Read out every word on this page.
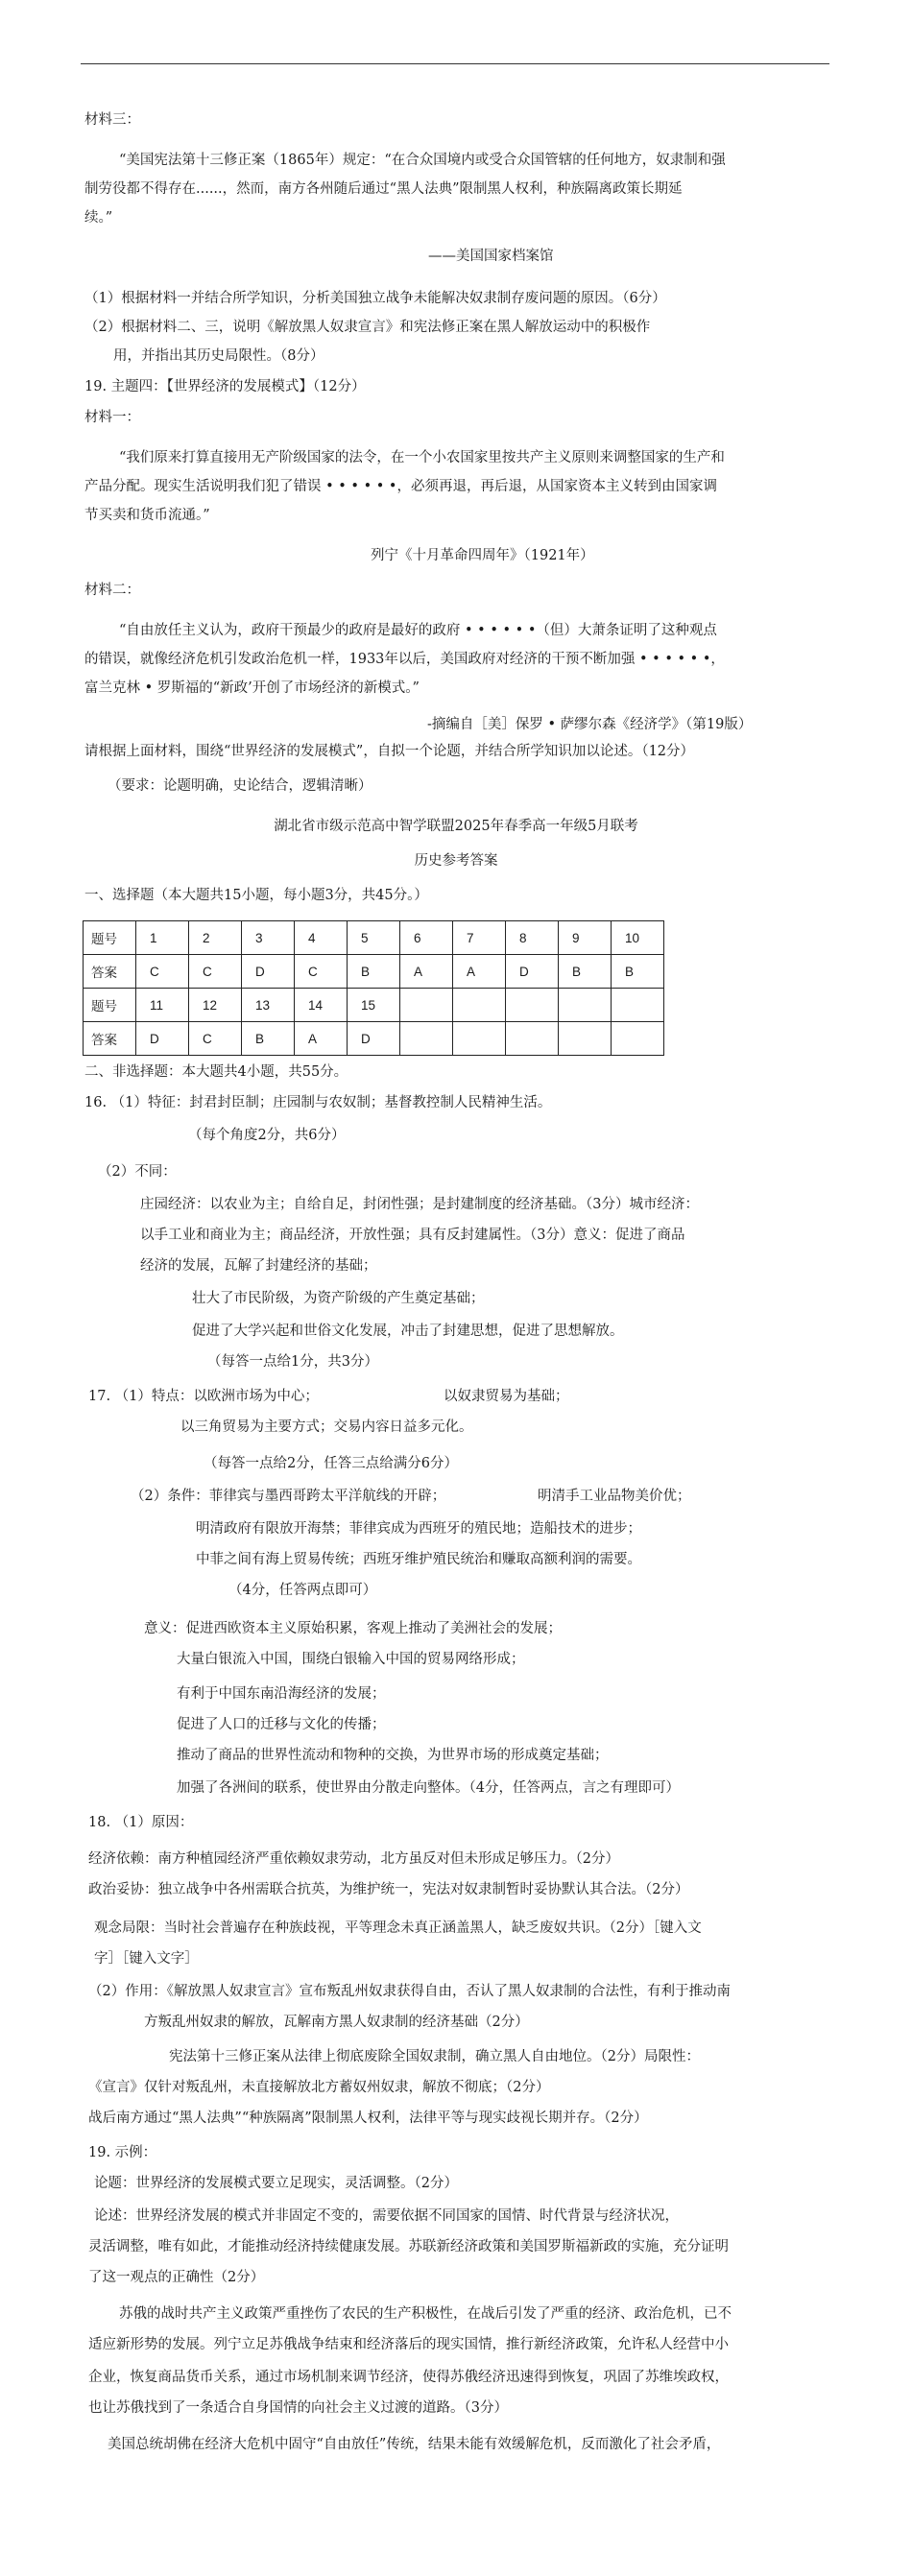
材料三：
“美国宪法第十三修正案（1865年）规定：“在合众国境内或受合众国管辖的任何地方，奴隶制和强
制劳役都不得存在......，然而，南方各州随后通过“黑人法典”限制黑人权利，种族隔离政策长期延
续。”
——美国国家档案馆
（1）根据材料一并结合所学知识，分析美国独立战争未能解决奴隶制存废问题的原因。（6分）
（2）根据材料二、三，说明《解放黑人奴隶宣言》和宪法修正案在黑人解放运动中的积极作
用，并指出其历史局限性。（8分）
19. 主题四：【世界经济的发展模式】（12分）
材料一：
“我们原来打算直接用无产阶级国家的法令，在一个小农国家里按共产主义原则来调整国家的生产和
产品分配。现实生活说明我们犯了错误 • • • • • •，必须再退，再后退，从国家资本主义转到由国家调
节买卖和货币流通。”
列宁《十月革命四周年》（1921年）
材料二：
“自由放任主义认为，政府干预最少的政府是最好的政府 • • • • • •（但）大萧条证明了这种观点
的错误，就像经济危机引发政治危机一样，1933年以后，美国政府对经济的干预不断加强 • • • • • •，
富兰克林 • 罗斯福的“新政’开创了市场经济的新模式。”
-摘编自［美］保罗 • 萨缪尔森《经济学》（第19版）
请根据上面材料，围绕“世界经济的发展模式”，自拟一个论题，并结合所学知识加以论述。（12分）
（要求：论题明确，史论结合，逻辑清晰）
湖北省市级示范高中智学联盟2025年春季高一年级5月联考
历史参考答案
一、选择题（本大题共15小题，每小题3分，共45分。）
题号	1	2	3	4	5	6	7	8	9	10
答案	C	C	D	C	B	A	A	D	B	B
题号	11	12	13	14	15					
答案	D	C	B	A	D					
二、非选择题：本大题共4小题，共55分。
16. （1）特征：封君封臣制；庄园制与农奴制；基督教控制人民精神生活。
（每个角度2分，共6分）
（2）不同：
庄园经济：以农业为主；自给自足，封闭性强；是封建制度的经济基础。（3分）城市经济：
以手工业和商业为主；商品经济，开放性强；具有反封建属性。（3分）意义：促进了商品
经济的发展，瓦解了封建经济的基础；
壮大了市民阶级，为资产阶级的产生奠定基础；
促进了大学兴起和世俗文化发展，冲击了封建思想，促进了思想解放。
（每答一点给1分，共3分）
17. （1）特点：以欧洲市场为中心；	以奴隶贸易为基础；
以三角贸易为主要方式；交易内容日益多元化。
（每答一点给2分，任答三点给满分6分）
（2）条件：菲律宾与墨西哥跨太平洋航线的开辟；	明清手工业品物美价优；
明清政府有限放开海禁；菲律宾成为西班牙的殖民地；造船技术的进步；
中菲之间有海上贸易传统；西班牙维护殖民统治和赚取高额利润的需要。
（4分，任答两点即可）
意义：促进西欧资本主义原始积累，客观上推动了美洲社会的发展；
大量白银流入中国，围绕白银输入中国的贸易网络形成；
有利于中国东南沿海经济的发展；
促进了人口的迁移与文化的传播；
推动了商品的世界性流动和物种的交换，为世界市场的形成奠定基础；
加强了各洲间的联系，使世界由分散走向整体。（4分，任答两点，言之有理即可）
18. （1）原因：
经济依赖：南方种植园经济严重依赖奴隶劳动，北方虽反对但未形成足够压力。（2分）
政治妥协：独立战争中各州需联合抗英，为维护统一，宪法对奴隶制暂时妥协默认其合法。（2分）
观念局限：当时社会普遍存在种族歧视，平等理念未真正涵盖黑人，缺乏废奴共识。（2分）［键入文
字］［键入文字］
（2）作用：《解放黑人奴隶宣言》宣布叛乱州奴隶获得自由，否认了黑人奴隶制的合法性，有利于推动南
方叛乱州奴隶的解放，瓦解南方黑人奴隶制的经济基础（2分）
宪法第十三修正案从法律上彻底废除全国奴隶制，确立黑人自由地位。（2分）局限性：
《宣言》仅针对叛乱州，未直接解放北方蓄奴州奴隶，解放不彻底；（2分）
战后南方通过“黑人法典”“种族隔离”限制黑人权利，法律平等与现实歧视长期并存。（2分）
19. 示例：
论题：世界经济的发展模式要立足现实，灵活调整。（2分）
论述：世界经济发展的模式并非固定不变的，需要依据不同国家的国情、时代背景与经济状况，
灵活调整，唯有如此，才能推动经济持续健康发展。苏联新经济政策和美国罗斯福新政的实施，充分证明
了这一观点的正确性（2分）
苏俄的战时共产主义政策严重挫伤了农民的生产积极性，在战后引发了严重的经济、政治危机，已不
适应新形势的发展。列宁立足苏俄战争结束和经济落后的现实国情，推行新经济政策，允许私人经营中小
企业，恢复商品货币关系，通过市场机制来调节经济，使得苏俄经济迅速得到恢复，巩固了苏维埃政权，
也让苏俄找到了一条适合自身国情的向社会主义过渡的道路。（3分）
美国总统胡佛在经济大危机中固守“自由放任”传统，结果未能有效缓解危机，反而激化了社会矛盾，
